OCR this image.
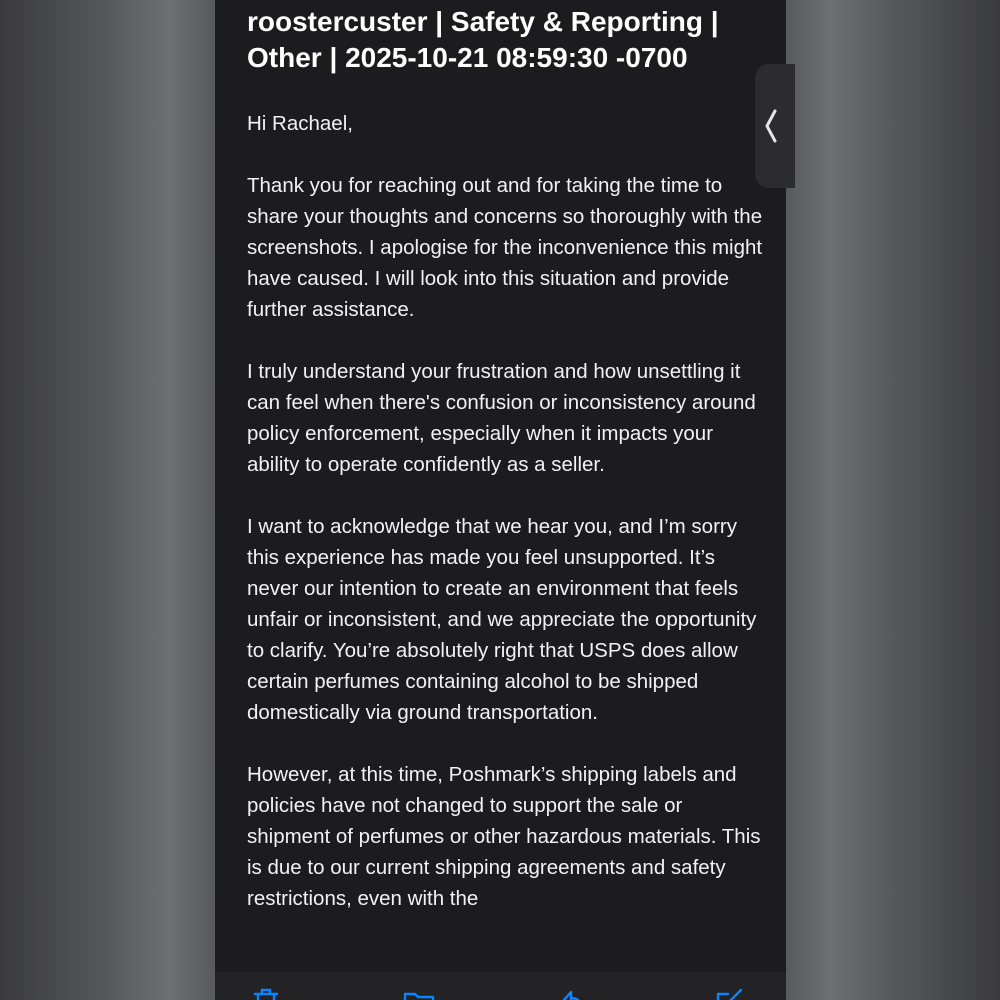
roostercuster | Safety & Reporting | Other | 2025-10-21 08:59:30 -0700

Hi Rachael,

Thank you for reaching out and for taking the time to share your thoughts and concerns so thoroughly with the screenshots. I apologise for the inconvenience this might have caused. I will look into this situation and provide further assistance.

I truly understand your frustration and how unsettling it can feel when there's confusion or inconsistency around policy enforcement, especially when it impacts your ability to operate confidently as a seller.

I want to acknowledge that we hear you, and I’m sorry this experience has made you feel unsupported. It’s never our intention to create an environment that feels unfair or inconsistent, and we appreciate the opportunity to clarify. You’re absolutely right that USPS does allow certain perfumes containing alcohol to be shipped domestically via ground transportation.

However, at this time, Poshmark’s shipping labels and policies have not changed to support the sale or shipment of perfumes or other hazardous materials. This is due to our current shipping agreements and safety restrictions, even with the
